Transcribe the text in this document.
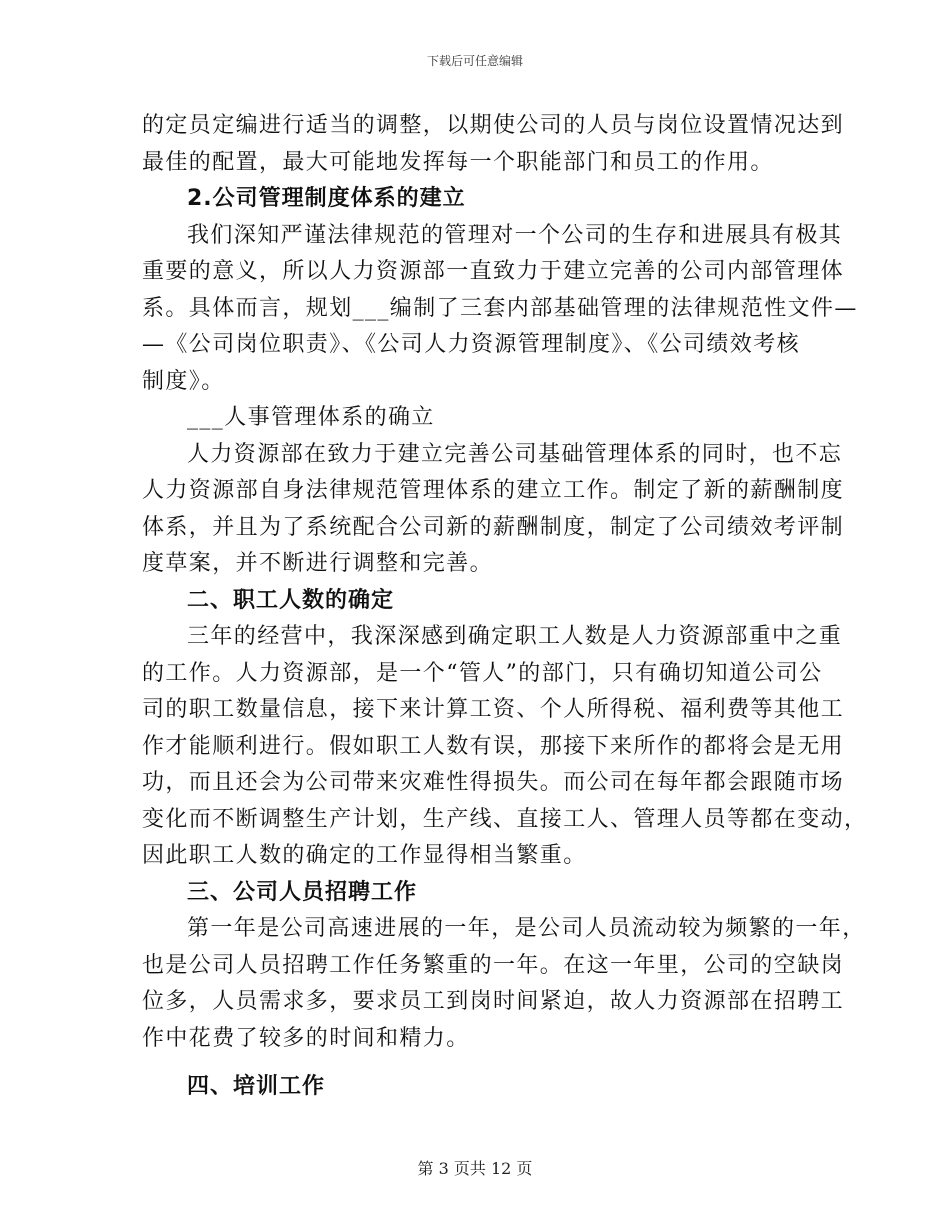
下载后可任意编辑
的定员定编进行适当的调整，以期使公司的人员与岗位设置情况达到
最佳的配置，最大可能地发挥每一个职能部门和员工的作用。
2.公司管理制度体系的建立
我们深知严谨法律规范的管理对一个公司的生存和进展具有极其
重要的意义，所以人力资源部一直致力于建立完善的公司内部管理体
系。具体而言，规划___编制了三套内部基础管理的法律规范性文件—
—《公司岗位职责》、《公司人力资源管理制度》、《公司绩效考核
制度》。
___人事管理体系的确立
人力资源部在致力于建立完善公司基础管理体系的同时，也不忘
人力资源部自身法律规范管理体系的建立工作。制定了新的薪酬制度
体系，并且为了系统配合公司新的薪酬制度，制定了公司绩效考评制
度草案，并不断进行调整和完善。
二、职工人数的确定
三年的经营中，我深深感到确定职工人数是人力资源部重中之重
的工作。人力资源部，是一个“管人”的部门，只有确切知道公司公
司的职工数量信息，接下来计算工资、个人所得税、福利费等其他工
作才能顺利进行。假如职工人数有误，那接下来所作的都将会是无用
功，而且还会为公司带来灾难性得损失。而公司在每年都会跟随市场
变化而不断调整生产计划，生产线、直接工人、管理人员等都在变动，
因此职工人数的确定的工作显得相当繁重。
三、公司人员招聘工作
第一年是公司高速进展的一年，是公司人员流动较为频繁的一年，
也是公司人员招聘工作任务繁重的一年。在这一年里，公司的空缺岗
位多，人员需求多，要求员工到岗时间紧迫，故人力资源部在招聘工
作中花费了较多的时间和精力。
四、培训工作
第 3 页共 12 页
